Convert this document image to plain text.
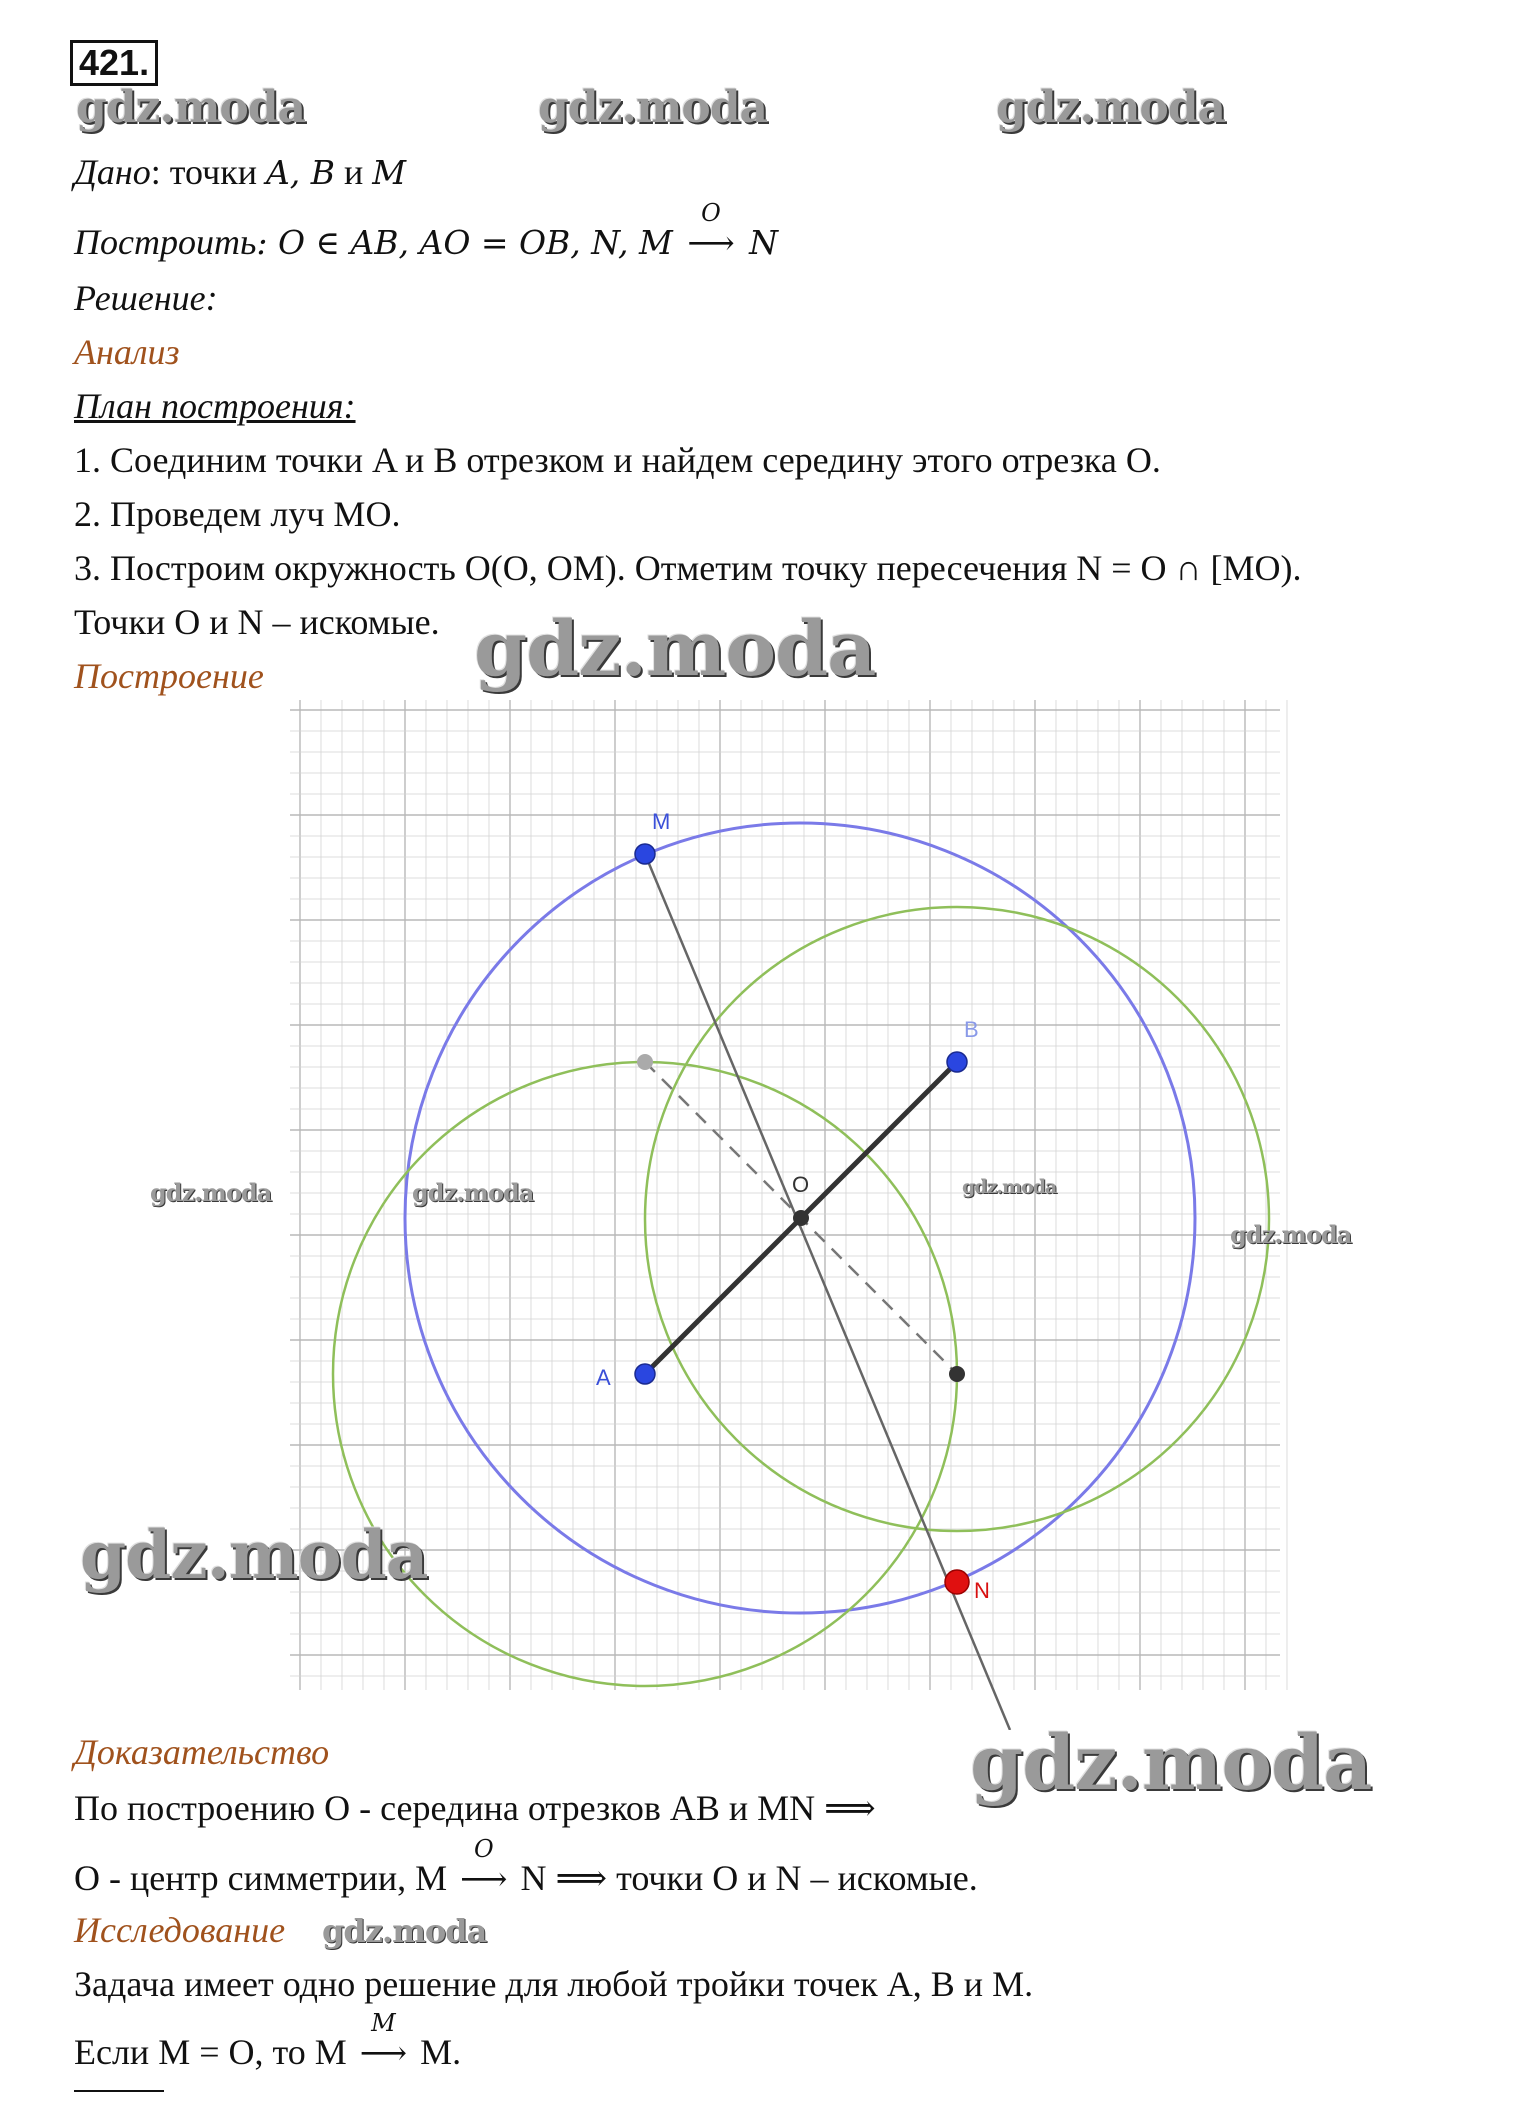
421.
gdz.moda	gdz.moda	gdz.moda
Дано: точки A, B и M
Построить: O ∈ AB, AO = OB, N, M
O
⟶ N
Решение:
Анализ
План построения:
1. Соединим точки A и B отрезком и найдем середину этого отрезка O.
2. Проведем луч MO.
3. Построим окружность O(O, OM). Отметим точку пересечения N = O ∩ [MO).
Точки O и N – искомые.
Построение	gdz.moda
M
B
O
A
N
gdz.moda	gdz.moda	gdz.moda
gdz.moda
gdz.moda
gdz.moda
Доказательство
По построению O - середина отрезков AB и MN ⟹
O - центр симметрии, M
O
⟶ N ⟹ точки O и N – искомые.
Исследование gdz.moda
Задача имеет одно решение для любой тройки точек A, B и M.
Если M = O, то M
M
⟶ M.
